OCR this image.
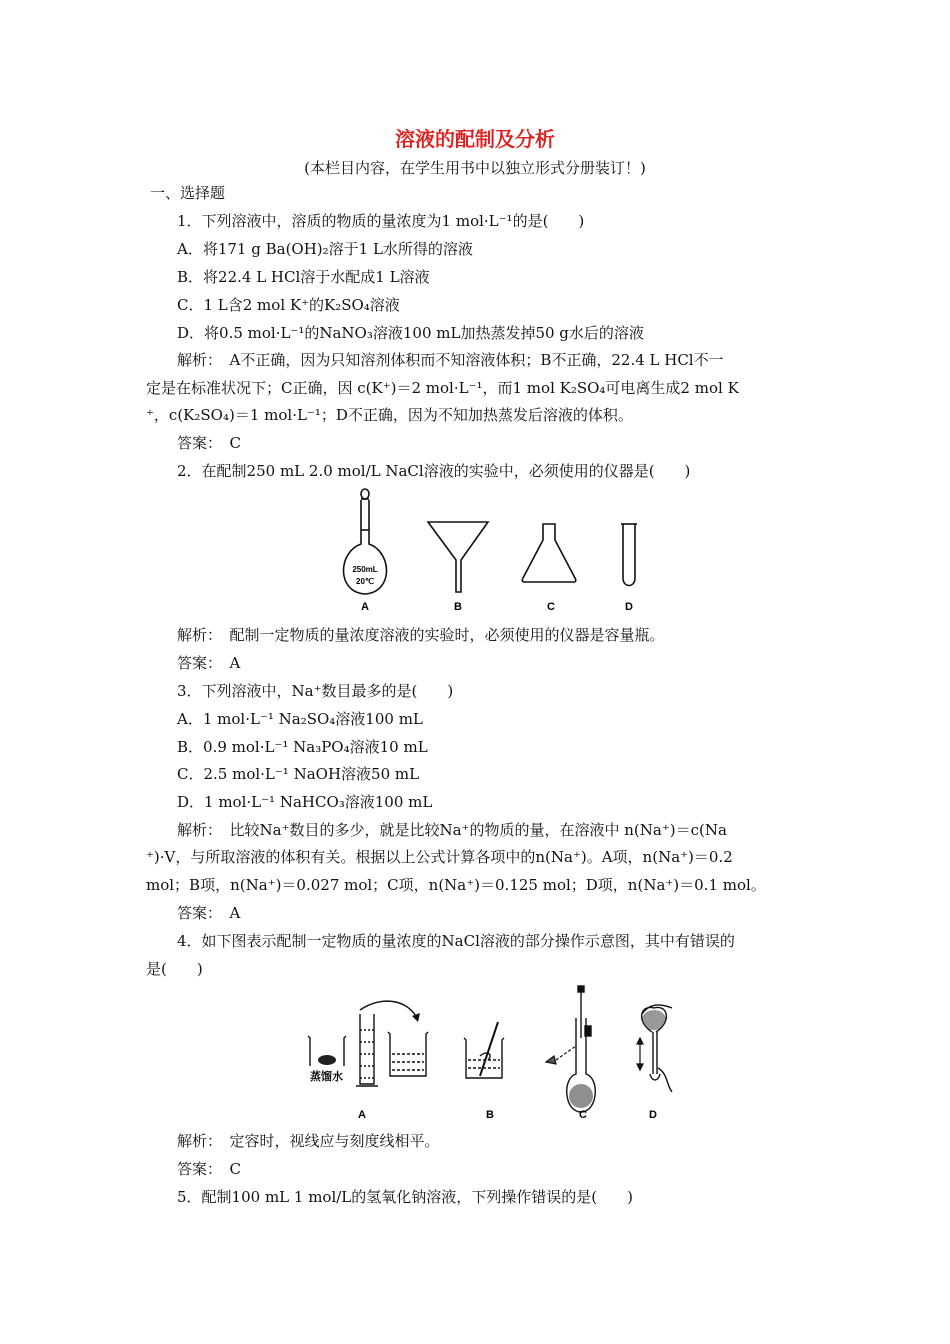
溶液的配制及分析
(本栏目内容，在学生用书中以独立形式分册装订！)
一、选择题
1．下列溶液中，溶质的物质的量浓度为1 mol·L⁻¹的是(　　)
A．将171 g Ba(OH)₂溶于1 L水所得的溶液
B．将22.4 L HCl溶于水配成1 L溶液
C．1 L含2 mol K⁺的K₂SO₄溶液
D．将0.5 mol·L⁻¹的NaNO₃溶液100 mL加热蒸发掉50 g水后的溶液
解析：　A不正确，因为只知溶剂体积而不知溶液体积；B不正确，22.4 L HCl不一
定是在标准状况下；C正确，因 c(K⁺)＝2 mol·L⁻¹，而1 mol K₂SO₄可电离生成2 mol K
⁺，c(K₂SO₄)＝1 mol·L⁻¹；D不正确，因为不知加热蒸发后溶液的体积。
答案：　C
2．在配制250 mL 2.0 mol/L NaCl溶液的实验中，必须使用的仪器是(　　)
250mL
20℃
A	B	C	D
解析：　配制一定物质的量浓度溶液的实验时，必须使用的仪器是容量瓶。
答案：　A
3．下列溶液中，Na⁺数目最多的是(　　)
A．1 mol·L⁻¹ Na₂SO₄溶液100 mL
B．0.9 mol·L⁻¹ Na₃PO₄溶液10 mL
C．2.5 mol·L⁻¹ NaOH溶液50 mL
D．1 mol·L⁻¹ NaHCO₃溶液100 mL
解析：　比较Na⁺数目的多少，就是比较Na⁺的物质的量，在溶液中 n(Na⁺)＝c(Na
⁺)·V，与所取溶液的体积有关。根据以上公式计算各项中的n(Na⁺)。A项，n(Na⁺)＝0.2
mol；B项，n(Na⁺)＝0.027 mol；C项，n(Na⁺)＝0.125 mol；D项，n(Na⁺)＝0.1 mol。
答案：　A
4．如下图表示配制一定物质的量浓度的NaCl溶液的部分操作示意图，其中有错误的
是(　　)
蒸馏水
A	B	C	D
解析：　定容时，视线应与刻度线相平。
答案：　C
5．配制100 mL 1 mol/L的氢氧化钠溶液，下列操作错误的是(　　)
